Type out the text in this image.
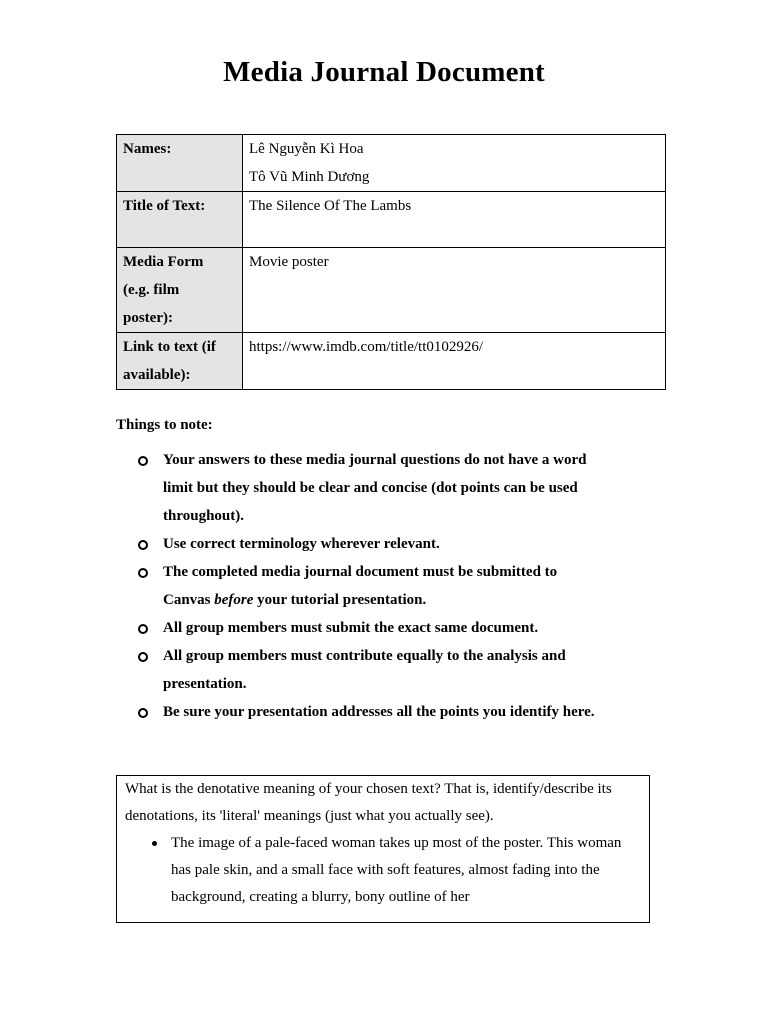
Media Journal Document
Names:	Lê Nguyễn Kì Hoa
Tô Vũ Minh Dương

Title of Text:	The Silence Of The Lambs

Media Form
(e.g. film
poster):	Movie poster

Link to text (if
available):	https://www.imdb.com/title/tt0102926/
Things to note:
Your answers to these media journal questions do not have a word
limit but they should be clear and concise (dot points can be used
throughout).
Use correct terminology wherever relevant.
The completed media journal document must be submitted to
Canvas before your tutorial presentation.
All group members must submit the exact same document.
All group members must contribute equally to the analysis and
presentation.
Be sure your presentation addresses all the points you identify here.

What is the denotative meaning of your chosen text? That is, identify/describe its denotations, its 'literal' meanings (just what you actually see).

The image of a pale-faced woman takes up most of the poster. This woman has pale skin, and a small face with soft features, almost fading into the background, creating a blurry, bony outline of her
